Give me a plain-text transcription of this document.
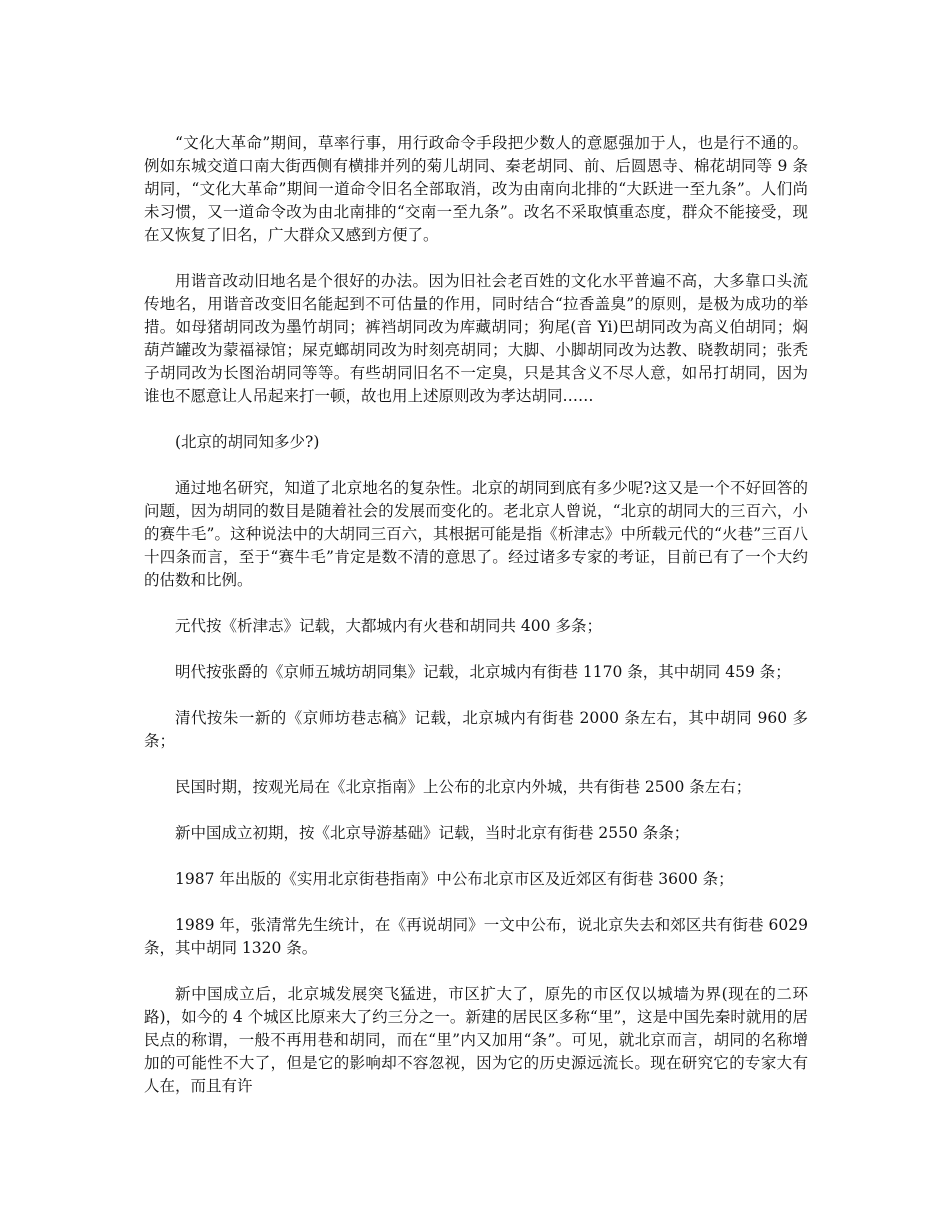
“文化大革命”期间，草率行事，用行政命令手段把少数人的意愿强加于人，也是行不通的。例如东城交道口南大街西侧有横排并列的菊儿胡同、秦老胡同、前、后圆恩寺、棉花胡同等 9 条胡同，“文化大革命”期间一道命令旧名全部取消，改为由南向北排的“大跃进一至九条”。人们尚未习惯，又一道命令改为由北南排的“交南一至九条”。改名不采取慎重态度，群众不能接受，现在又恢复了旧名，广大群众又感到方便了。

用谐音改动旧地名是个很好的办法。因为旧社会老百姓的文化水平普遍不高，大多靠口头流传地名，用谐音改变旧名能起到不可估量的作用，同时结合“拉香盖臭”的原则，是极为成功的举措。如母猪胡同改为墨竹胡同；裤裆胡同改为库藏胡同；狗尾(音 Yi)巴胡同改为高义伯胡同；焖葫芦罐改为蒙福禄馆；屎克螂胡同改为时刻亮胡同；大脚、小脚胡同改为达教、晓教胡同；张秃子胡同改为长图治胡同等等。有些胡同旧名不一定臭，只是其含义不尽人意，如吊打胡同，因为谁也不愿意让人吊起来打一顿，故也用上述原则改为孝达胡同……

(北京的胡同知多少?)

通过地名研究，知道了北京地名的复杂性。北京的胡同到底有多少呢?这又是一个不好回答的问题，因为胡同的数目是随着社会的发展而变化的。老北京人曾说，“北京的胡同大的三百六，小的赛牛毛”。这种说法中的大胡同三百六，其根据可能是指《析津志》中所载元代的“火巷”三百八十四条而言，至于“赛牛毛”肯定是数不清的意思了。经过诸多专家的考证，目前已有了一个大约的估数和比例。

元代按《析津志》记载，大都城内有火巷和胡同共 400 多条；

明代按张爵的《京师五城坊胡同集》记载，北京城内有街巷 1170 条，其中胡同 459 条；

清代按朱一新的《京师坊巷志稿》记载，北京城内有街巷 2000 条左右，其中胡同 960 多条；

民国时期，按观光局在《北京指南》上公布的北京内外城，共有街巷 2500 条左右；

新中国成立初期，按《北京导游基础》记载，当时北京有街巷 2550 条条；

1987 年出版的《实用北京街巷指南》中公布北京市区及近郊区有街巷 3600 条；

1989 年，张清常先生统计，在《再说胡同》一文中公布，说北京失去和郊区共有街巷 6029 条，其中胡同 1320 条。

新中国成立后，北京城发展突飞猛进，市区扩大了，原先的市区仅以城墙为界(现在的二环路)，如今的 4 个城区比原来大了约三分之一。新建的居民区多称“里”，这是中国先秦时就用的居民点的称谓，一般不再用巷和胡同，而在“里”内又加用“条”。可见，就北京而言，胡同的名称增加的可能性不大了，但是它的影响却不容忽视，因为它的历史源远流长。现在研究它的专家大有人在，而且有许
